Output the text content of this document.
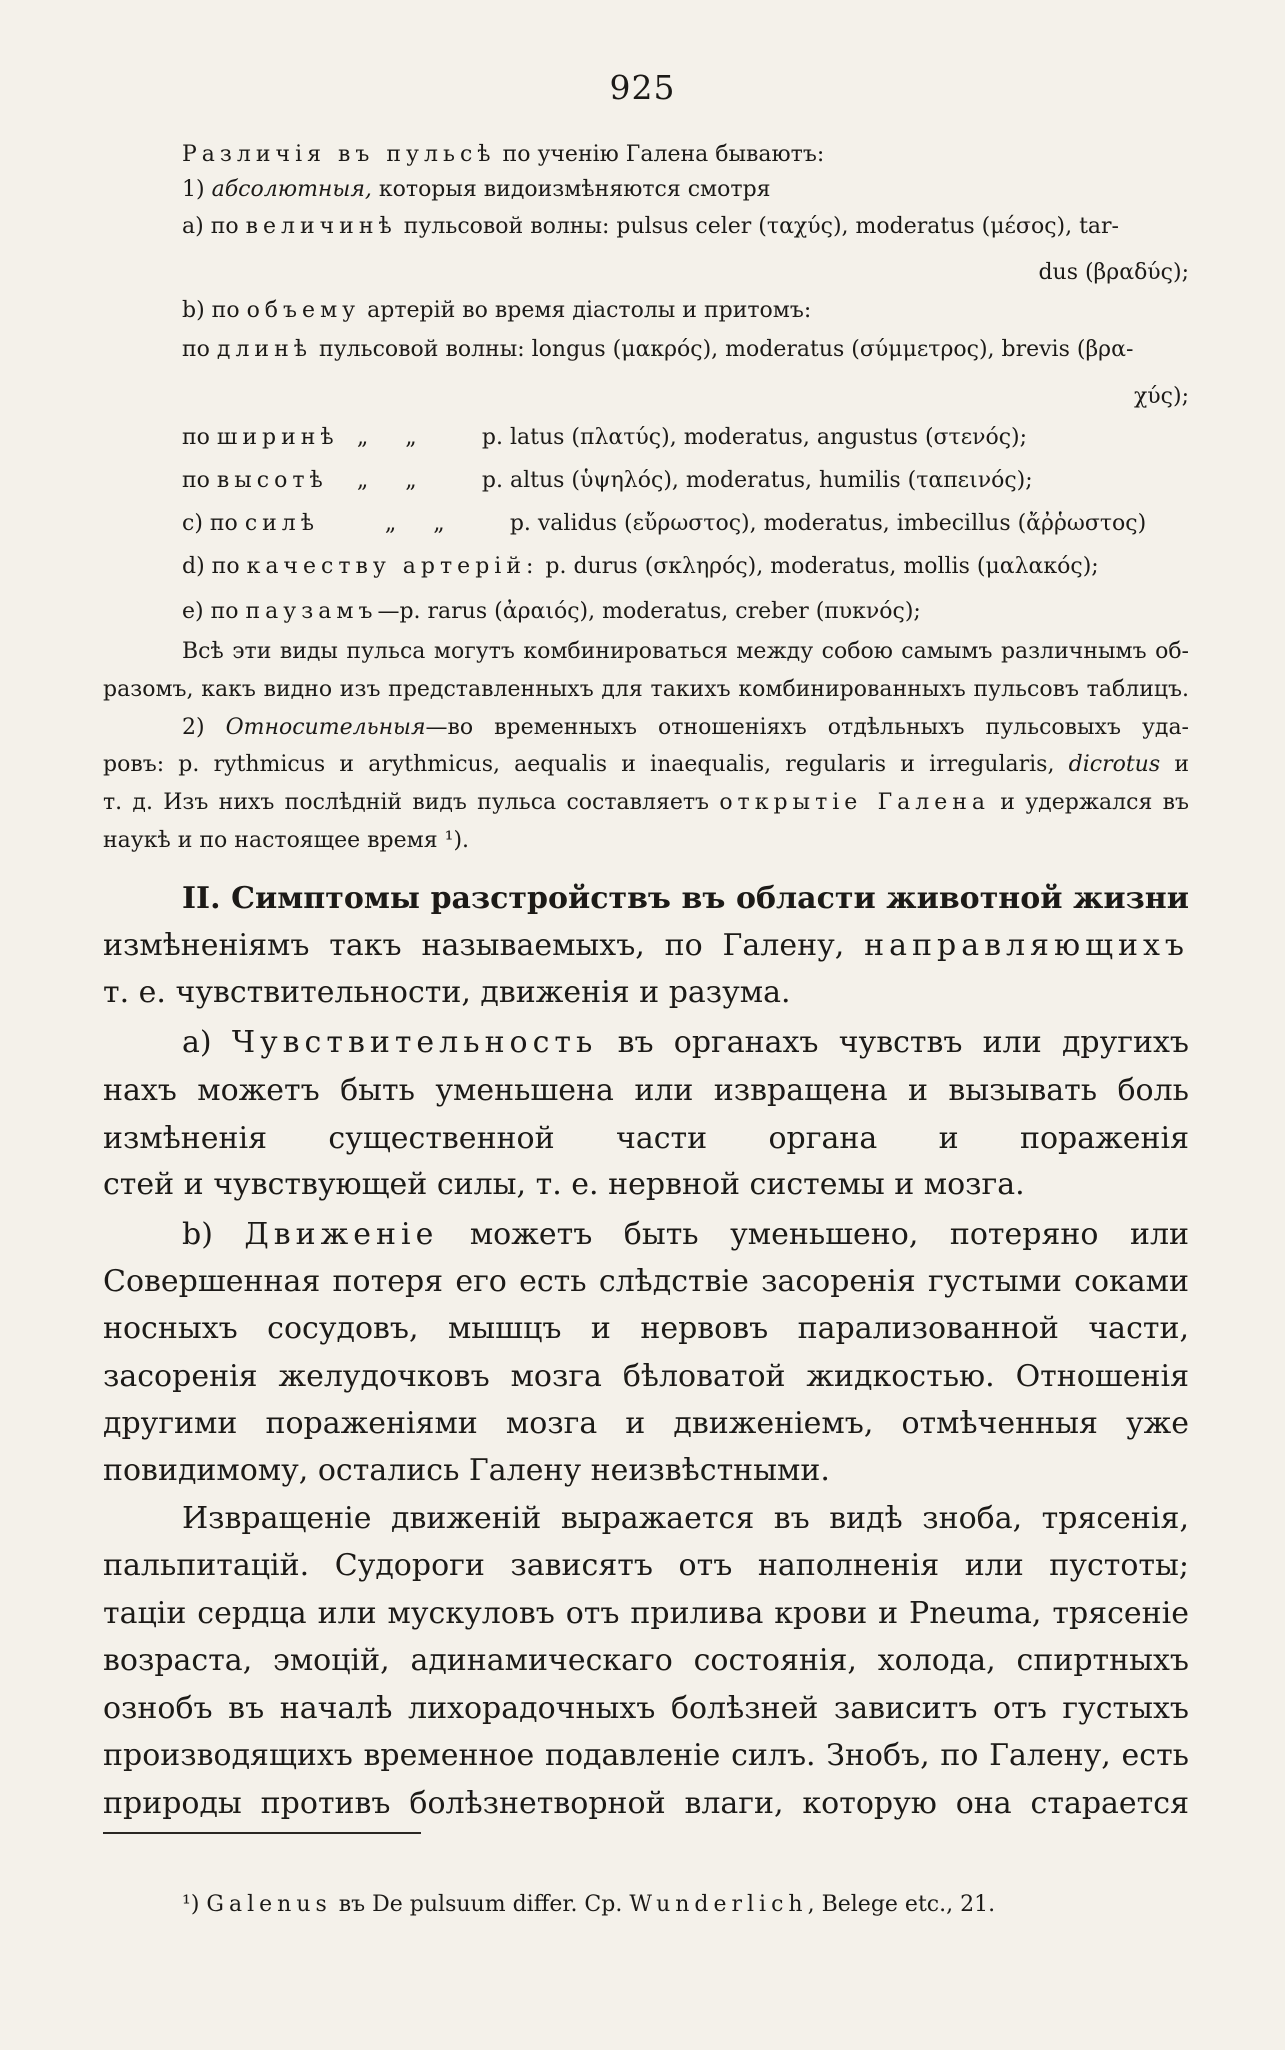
925
Различія въ пульсѣ по ученію Галена бываютъ:
1) абсолютныя, которыя видоизмѣняются смотря
а) по величинѣ пульсовой волны: pulsus celer (ταχύς), moderatus (μέσος), tar-
dus (βραδύς);
b) по объему артерій во время діастолы и притомъ:
по длинѣ пульсовой волны: longus (μακρός), moderatus (σύμμετρος), brevis (βρα-
χύς);
по ширинѣ „ „	p. latus (πλατύς), moderatus, angustus (στενός);
по высотѣ „ „	p. altus (ὑψηλός), moderatus, humilis (ταπεινός);
c) по силѣ	„ „	p. validus (εὔρωστος), moderatus, imbecillus (ἄῤῥωστος)
d) по качеству артерій: p. durus (σκληρός), moderatus, mollis (μαλακός);
e) по паузамъ—p. rarus (ἀραιός), moderatus, creber (πυκνός);
Всѣ эти виды пульса могутъ комбинироваться между собою самымъ различнымъ об-
разомъ, какъ видно изъ представленныхъ для такихъ комбинированныхъ пульсовъ таблицъ.
2) Относительныя—во временныхъ отношеніяхъ отдѣльныхъ пульсовыхъ уда-
ровъ: p. rythmicus и arythmicus, aequalis и inaequalis, regularis и irregularis, dicrotus и
т. д. Изъ нихъ послѣдній видъ пульса составляетъ открытіе Галена и удержался въ
наукѣ и по настоящее время ¹).
II. Симптомы разстройствъ въ области животной жизни
измѣненіямъ такъ называемыхъ, по Галену, направляющихъ
т. е. чувствительности, движенія и разума.
а) Чувствительность въ органахъ чувствъ или другихъ
нахъ можетъ быть уменьшена или извращена и вызывать боль
измѣненія существенной части органа и пораженія
стей и чувствующей силы, т. е. нервной системы и мозга.
b) Движеніе можетъ быть уменьшено, потеряно или
Совершенная потеря его есть слѣдствіе засоренія густыми соками
носныхъ сосудовъ, мышцъ и нервовъ парализованной части,
засоренія желудочковъ мозга бѣловатой жидкостью. Отношенія
другими пораженіями мозга и движеніемъ, отмѣченныя уже
повидимому, остались Галену неизвѣстными.
Извращеніе движеній выражается въ видѣ зноба, трясенія,
пальпитацій. Судороги зависятъ отъ наполненія или пустоты;
таціи сердца или мускуловъ отъ прилива крови и Pneuma, трясеніе
возраста, эмоцій, адинамическаго состоянія, холода, спиртныхъ
ознобъ въ началѣ лихорадочныхъ болѣзней зависитъ отъ густыхъ
производящихъ временное подавленіе силъ. Знобъ, по Галену, есть
природы противъ болѣзнетворной влаги, которую она старается
¹) Galenus въ De pulsuum differ. Cp. Wunderlich, Belege etc., 21.
